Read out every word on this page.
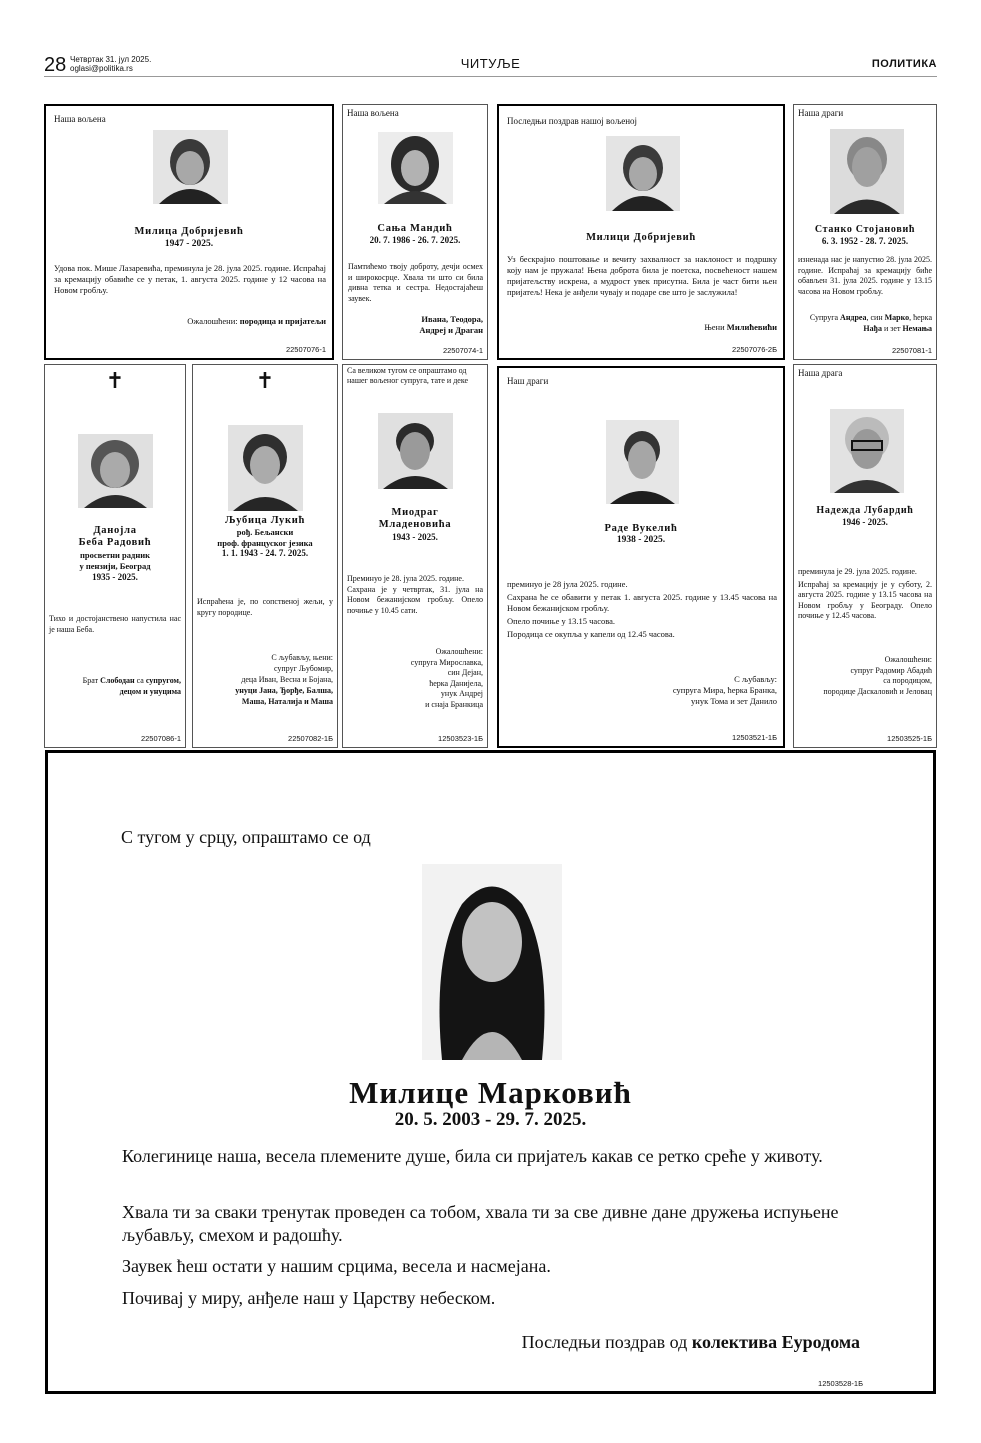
28 Четвртак 31. јул 2025.
oglasi@politika.rs	ЧИТУЉЕ	ПОЛИТИКА
Наша вољена
Милица Добријевић
1947 - 2025.
Удова пок. Мише Лазаревића, преминула је 28. јула 2025. године. Испраћај за кремацију обавиће се у петак, 1. августа 2025. године у 12 часова на Новом гробљу.
Ожалошћени: породица и пријатељи
22507076-1
Наша вољена
Сања Мандић
20. 7. 1986 - 26. 7. 2025.
Памтићемо твоју доброту, дечји осмех и широкосрце. Хвала ти што си била дивна тетка и сестра. Недостајаћеш заувек.
Ивана, Теодора,
Андреј и Драган
22507074-1
Последњи поздрав нашој вољеној
Милици Добријевић
Уз бескрајно поштовање и вечиту захвалност за наклоност и подршку коју нам је пружала! Њена доброта била је поетска, посвећеност нашем пријатељству искрена, а мудрост увек присутна. Била је част бити њен пријатељ! Нека је анђели чувају и подаре све што је заслужила!
Њени Милићевићи
22507076-2Б
Наша драги
Станко Стојановић
6. 3. 1952 - 28. 7. 2025.
изненада нас је напустио 28. јула 2025. године. Испраћај за кремацију биће обављен 31. јула 2025. године у 13.15 часова на Новом гробљу.
Супруга Андреа, син Марко, ћерка Нађа и зет Немања
22507081-1
✝
Данојла
Беба Радовић
просветни радник
у пензији, Београд
1935 - 2025.
Тихо и достојанствено напустила нас је наша Беба.
Брат Слободан са супругом,
децом и унуцима
22507086-1
✝
Љубица Лукић
рођ. Бељански
проф. француског језика
1. 1. 1943 - 24. 7. 2025.
Испраћена је, по сопственој жељи, у кругу породице.
С љубављу, њени:
супруг Љубомир,
деца Иван, Весна и Бојана,
унуци Јана, Ђорђе, Балша,
Маша, Наталија и Маша
22507082-1Б
Са великом тугом се опраштамо од нашег вољеног супруга, тате и деке
Миодраг
Младеновића
1943 - 2025.
Преминуо је 28. јула 2025. године.
Сахрана је у четвртак, 31. јула на Новом бежанијском гробљу. Опело почиње у 10.45 сати.
Ожалошћени:
супруга Мирославка,
син Дејан,
ћерка Данијела,
унук Андреј
и снаја Бранкица
12503523-1Б
Наш драги
Раде Вукелић
1938 - 2025.
преминуо је 28 јула 2025. године.
Сахрана ће се обавити у петак 1. августа 2025. године у 13.45 часова на Новом бежанијском гробљу.
Опело почиње у 13.15 часова.
Породица се окупља у капели од 12.45 часова.
С љубављу:
супруга Мира, ћерка Бранка,
унук Тома и зет Данило
12503521-1Б
Наша драга
Надежда Лубардић
1946 - 2025.
преминула је 29. јула 2025. године.
Испраћај за кремацију је у суботу, 2. августа 2025. године у 13.15 часова на Новом гробљу у Београду. Опело почиње у 12.45 часова.
Ожалошћени:
супруг Радомир Абадић
са породицом,
породице Даскаловић и Јеловац
12503525-1Б
С тугом у срцу, опраштамо се од
Милице Марковић
20. 5. 2003 - 29. 7. 2025.
Колегинице наша, весела племените душе, била си пријатељ какав се ретко среће у животу.
Хвала ти за сваки тренутак проведен са тобом, хвала ти за све дивне дане дружења испуњене љубављу, смехом и радошћу.
Заувек ћеш остати у нашим срцима, весела и насмејана.
Почивај у миру, анђеле наш у Царству небеском.
Последњи поздрав од колектива Еуродома
12503528-1Б
